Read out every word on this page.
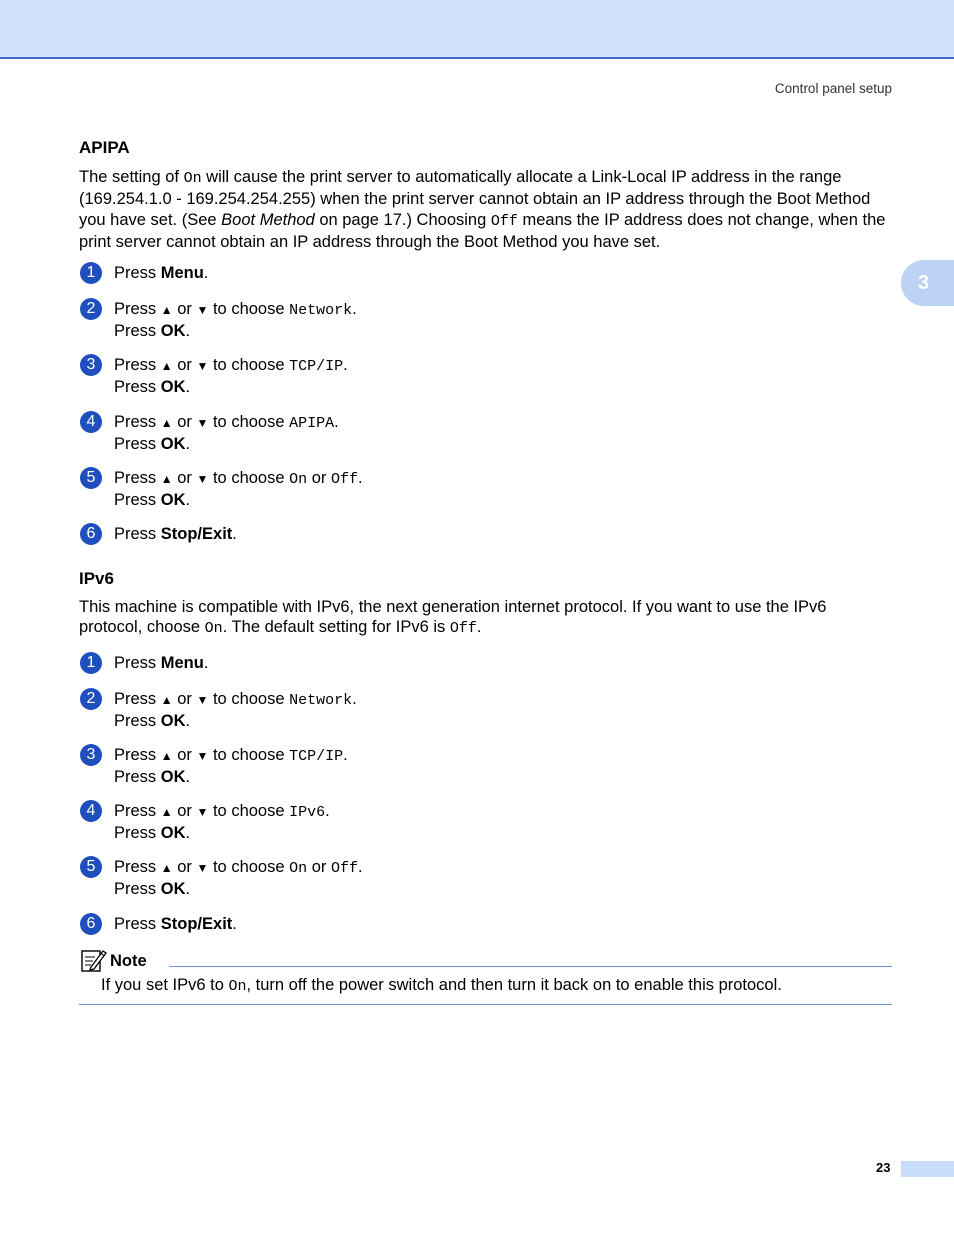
Control panel setup
3
APIPA

The setting of On will cause the print server to automatically allocate a Link-Local IP address in the range (169.254.1.0 - 169.254.254.255) when the print server cannot obtain an IP address through the Boot Method you have set. (See Boot Method on page 17.) Choosing Off means the IP address does not change, when the print server cannot obtain an IP address through the Boot Method you have set.

1	Press Menu.
2	Press ▲ or ▼ to choose Network.
Press OK.
3	Press ▲ or ▼ to choose TCP/IP.
Press OK.
4	Press ▲ or ▼ to choose APIPA.
Press OK.
5	Press ▲ or ▼ to choose On or Off.
Press OK.
6	Press Stop/Exit.
IPv6

This machine is compatible with IPv6, the next generation internet protocol. If you want to use the IPv6 protocol, choose On. The default setting for IPv6 is Off.

1	Press Menu.
2	Press ▲ or ▼ to choose Network.
Press OK.
3	Press ▲ or ▼ to choose TCP/IP.
Press OK.
4	Press ▲ or ▼ to choose IPv6.
Press OK.
5	Press ▲ or ▼ to choose On or Off.
Press OK.
6	Press Stop/Exit.
Note
If you set IPv6 to On, turn off the power switch and then turn it back on to enable this protocol.
23
